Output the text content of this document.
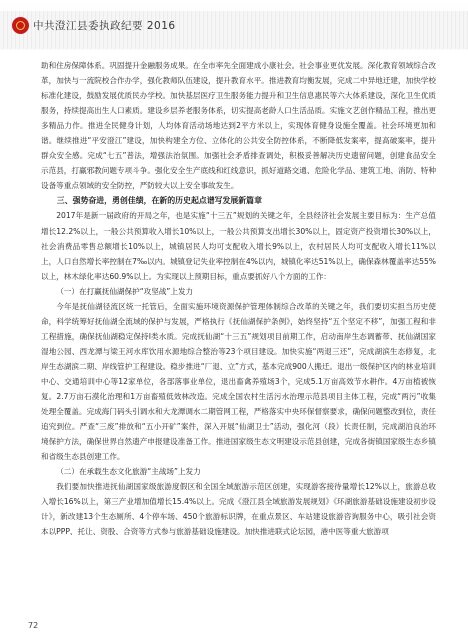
中共澄江县委执政纪要 2016

助和住房保障体系。巩固提升金融服务成果。在全市率先全面建成小康社会。社会事业更优发展。深化教育领域综合改革，加快与一流院校合作办学，强化教师队伍建设，提升教育水平。推进教育均衡发展，完成二中异地迁建，加快学校标准化建设，鼓励发展优质民办学校。加快基层医疗卫生服务能力提升和卫生信息惠民等六大体系建设，深化卫生优质服务，持续提高出生人口素质。建设乡层养老服务体系，切实提高老龄人口生活品质。实施文艺创作精品工程，推出更多精品力作。推进全民健身计划，人均体育活动场地达到2平方米以上，实现体育健身设施全覆盖。社会环境更加和谐。继续推进“平安澄江”建设，加快构建全方位、立体化的公共安全防控体系，不断降低发案率，提高破案率，提升群众安全感。完成“七五”普法，增强法治氛围。加强社会矛盾排查调处，积极妥善解决历史遗留问题，创建食品安全示范县，打赢邪教问题专项斗争。强化安全生产底线和红线意识，抓好道路交通、危险化学品、建筑工地、消防、特种设备等重点领域的安全防控，严防较大以上安全事故发生。

三、强势奋进，勇创佳绩，在新的历史起点谱写发展新篇章

2017年是新一届政府的开局之年，也是实施“十三五”规划的关键之年，全县经济社会发展主要目标为：生产总值增长12.2%以上，一般公共预算收入增长10%以上，一般公共预算支出增长30%以上，固定资产投资增长30%以上，社会消费品零售总额增长10%以上，城镇居民人均可支配收入增长9%以上，农村居民人均可支配收入增长11%以上，人口自然增长率控制在7‰以内。城镇登记失业率控制在4%以内，城镇化率达51%以上，确保森林覆盖率达55%以上，林木绿化率达60.9%以上。为实现以上预期目标，重点要抓好八个方面的工作：

（一）在打赢抚仙湖保护“攻坚战”上发力

今年是抚仙湖径流区统一托管后，全面实施环境资源保护管理体制综合改革的关键之年，我们要切实担当历史使命，科学统筹好抚仙湖全流域的保护与发展，严格执行《抚仙湖保护条例》，始终坚持“五个坚定不移”，加强工程和非工程措施，确保抚仙湖稳定保持Ⅰ类水质。完成抚仙湖“十三五”规划项目前期工作，启动南岸生态调蓄带、抚仙湖国家湿地公园、西龙潭与梁王河水库饮用水源地综合整治等23个项目建设。加快实施“两退三还”，完成湖滨生态修复，北岸生态湖滨二期、岸线管护工程建设。稳步推进“厂退、立”方式，基本完成900人搬迁。退出一级保护区内的林业培训中心、交通培训中心等12家单位，各部落事业单位，退出畜禽养殖场3个，完成5.1万亩高效节水耕作。4万亩植被恢复。2.7万亩石漠化治理和1万亩畜殖低效林改造。完成全国农村生活污水治理示范县项目主体工程，完成“两污”收集处理全覆盖。完成海门码头引调水和大龙潭调水二期管网工程，严格落实中央环保督察要求，确保问题整改到位，责任追究到位。严查“三废”排放和“五小开矿”案件，深入开展“仙湖卫士”活动，强化河（段）长责任制，完成湖泊良治环境保护方法，确保世界自然遗产申报建设准备工作。推进国家级生态文明建设示范县创建，完成各街镇国家级生态乡镇和省级生态县创建工作。

（二）在承载生态文化旅游“主战场”上发力

我们要加快推进抚仙湖国家级旅游度假区和全国全域旅游示范区创建，实现游客接待量增长12%以上，旅游总收入增长16%以上，第三产业增加值增长15.4%以上。完成《澄江县全域旅游发展规划》《环湖旅游基础设施建设初步设计》，新改建13个生态厕所、4个停车场、450个旅游标识牌，在重点景区、车站建设旅游咨询服务中心，吸引社会资本以PPP、托让、资股、合资等方式参与旅游基础设施建设。加快推进联式论坛园，港中医等重大旅游项

72
